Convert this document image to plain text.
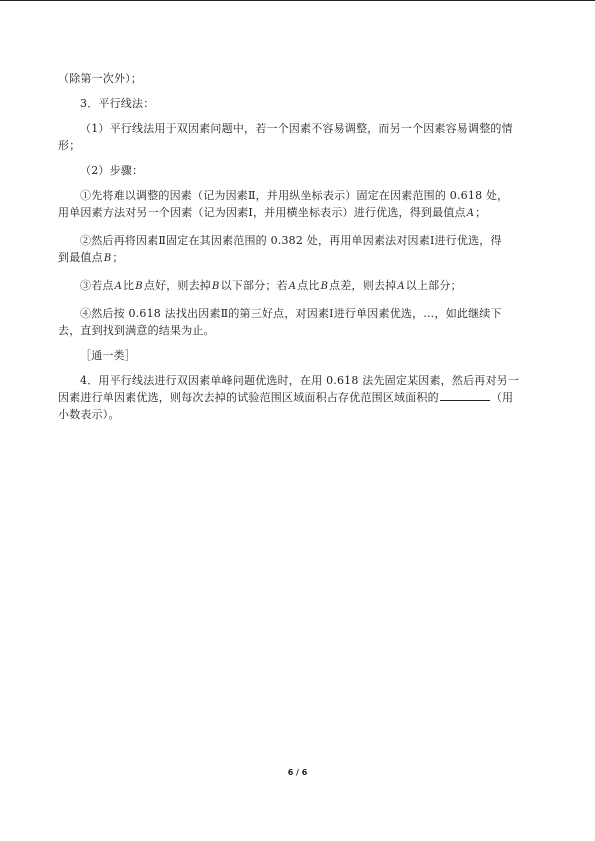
（除第一次外）；
3．平行线法：
（1）平行线法用于双因素问题中，若一个因素不容易调整，而另一个因素容易调整的情
形；
（2）步骤：
①先将难以调整的因素（记为因素Ⅱ，并用纵坐标表示）固定在因素范围的 0.618 处，
用单因素方法对另一个因素（记为因素Ⅰ，并用横坐标表示）进行优选，得到最值点A；
②然后再将因素Ⅱ固定在其因素范围的 0.382 处，再用单因素法对因素Ⅰ进行优选，得
到最值点B；
③若点A比B点好，则去掉B以下部分；若A点比B点差，则去掉A以上部分；
④然后按 0.618 法找出因素Ⅱ的第三好点，对因素Ⅰ进行单因素优选，…，如此继续下
去，直到找到满意的结果为止。
［通一类］
4．用平行线法进行双因素单峰问题优选时，在用 0.618 法先固定某因素，然后再对另一
因素进行单因素优选，则每次去掉的试验范围区域面积占存优范围区域面积的	（用
小数表示）。
6 / 6
